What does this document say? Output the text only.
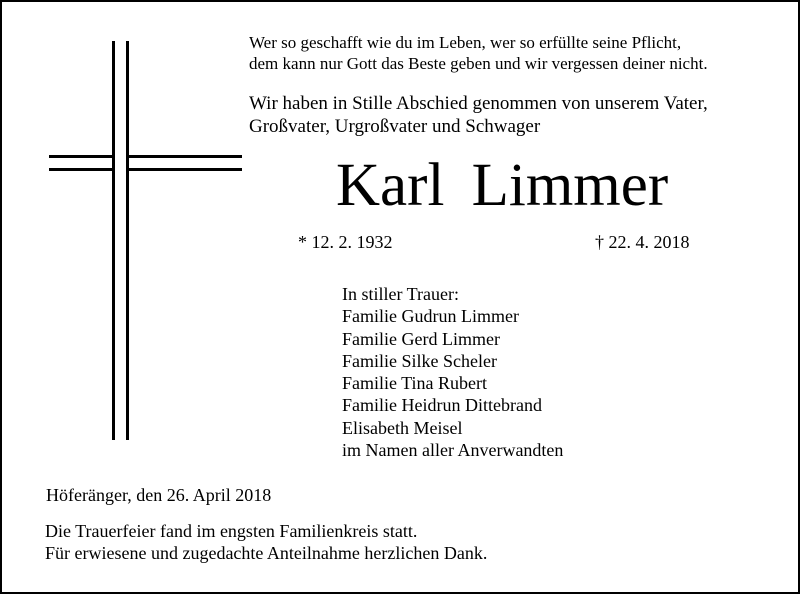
Wer so geschafft wie du im Leben, wer so erfüllte seine Pflicht,
dem kann nur Gott das Beste geben und wir vergessen deiner nicht.
Wir haben in Stille Abschied genommen von unserem Vater,
Großvater, Urgroßvater und Schwager
Karl Limmer
* 12. 2. 1932	† 22. 4. 2018
In stiller Trauer:
Familie Gudrun Limmer
Familie Gerd Limmer
Familie Silke Scheler
Familie Tina Rubert
Familie Heidrun Dittebrand
Elisabeth Meisel
im Namen aller Anverwandten
Höferänger, den 26. April 2018
Die Trauerfeier fand im engsten Familienkreis statt.
Für erwiesene und zugedachte Anteilnahme herzlichen Dank.
